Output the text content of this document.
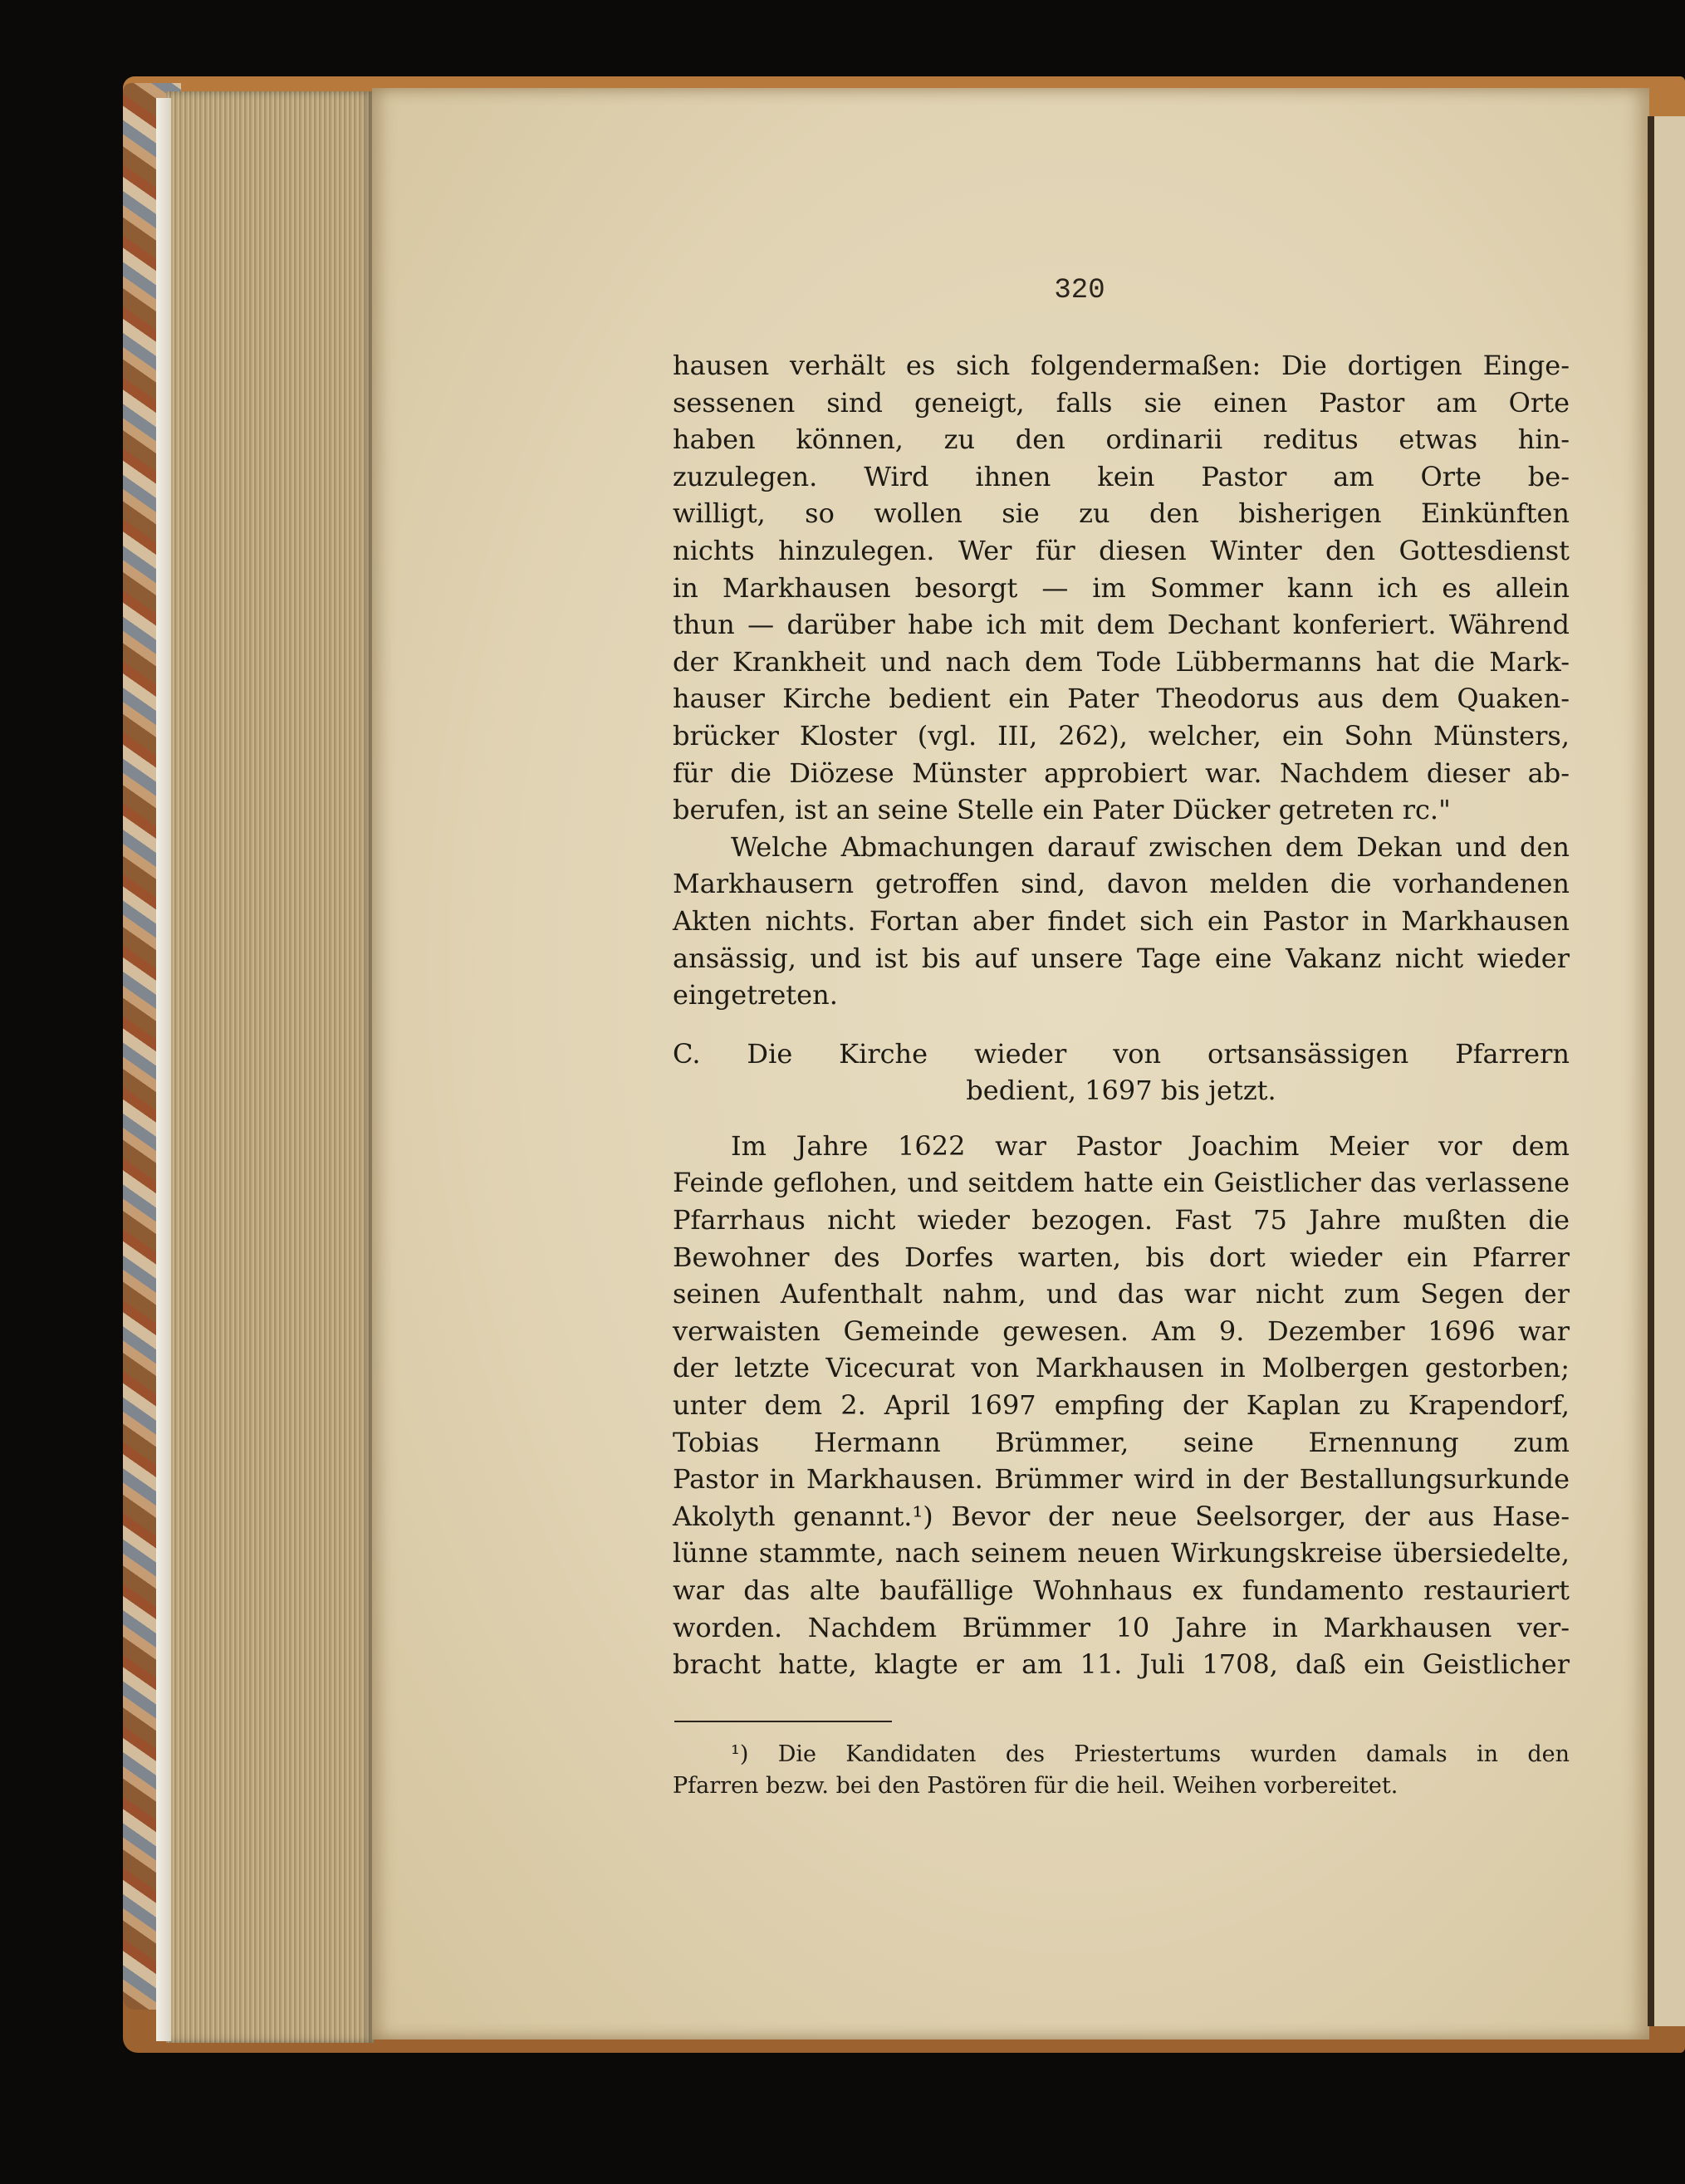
320
hausen verhält es sich folgendermaßen: Die dortigen Einge-
sessenen sind geneigt, falls sie einen Pastor am Orte
haben können, zu den ordinarii reditus etwas hin-
zuzulegen. Wird ihnen kein Pastor am Orte be-
willigt, so wollen sie zu den bisherigen Einkünften
nichts hinzulegen. Wer für diesen Winter den Gottesdienst
in Markhausen besorgt — im Sommer kann ich es allein
thun — darüber habe ich mit dem Dechant konferiert. Während
der Krankheit und nach dem Tode Lübbermanns hat die Mark-
hauser Kirche bedient ein Pater Theodorus aus dem Quaken-
brücker Kloster (vgl. III, 262), welcher, ein Sohn Münsters,
für die Diözese Münster approbiert war. Nachdem dieser ab-
berufen, ist an seine Stelle ein Pater Dücker getreten rc."
Welche Abmachungen darauf zwischen dem Dekan und den
Markhausern getroffen sind, davon melden die vorhandenen
Akten nichts. Fortan aber findet sich ein Pastor in Markhausen
ansässig, und ist bis auf unsere Tage eine Vakanz nicht wieder
eingetreten.
C. Die Kirche wieder von ortsansässigen Pfarrern
bedient, 1697 bis jetzt.
Im Jahre 1622 war Pastor Joachim Meier vor dem
Feinde geflohen, und seitdem hatte ein Geistlicher das verlassene
Pfarrhaus nicht wieder bezogen. Fast 75 Jahre mußten die
Bewohner des Dorfes warten, bis dort wieder ein Pfarrer
seinen Aufenthalt nahm, und das war nicht zum Segen der
verwaisten Gemeinde gewesen. Am 9. Dezember 1696 war
der letzte Vicecurat von Markhausen in Molbergen gestorben;
unter dem 2. April 1697 empfing der Kaplan zu Krapendorf,
Tobias Hermann Brümmer, seine Ernennung zum
Pastor in Markhausen. Brümmer wird in der Bestallungsurkunde
Akolyth genannt.¹) Bevor der neue Seelsorger, der aus Hase-
lünne stammte, nach seinem neuen Wirkungskreise übersiedelte,
war das alte baufällige Wohnhaus ex fundamento restauriert
worden. Nachdem Brümmer 10 Jahre in Markhausen ver-
bracht hatte, klagte er am 11. Juli 1708, daß ein Geistlicher
¹) Die Kandidaten des Priestertums wurden damals in den
Pfarren bezw. bei den Pastören für die heil. Weihen vorbereitet.
